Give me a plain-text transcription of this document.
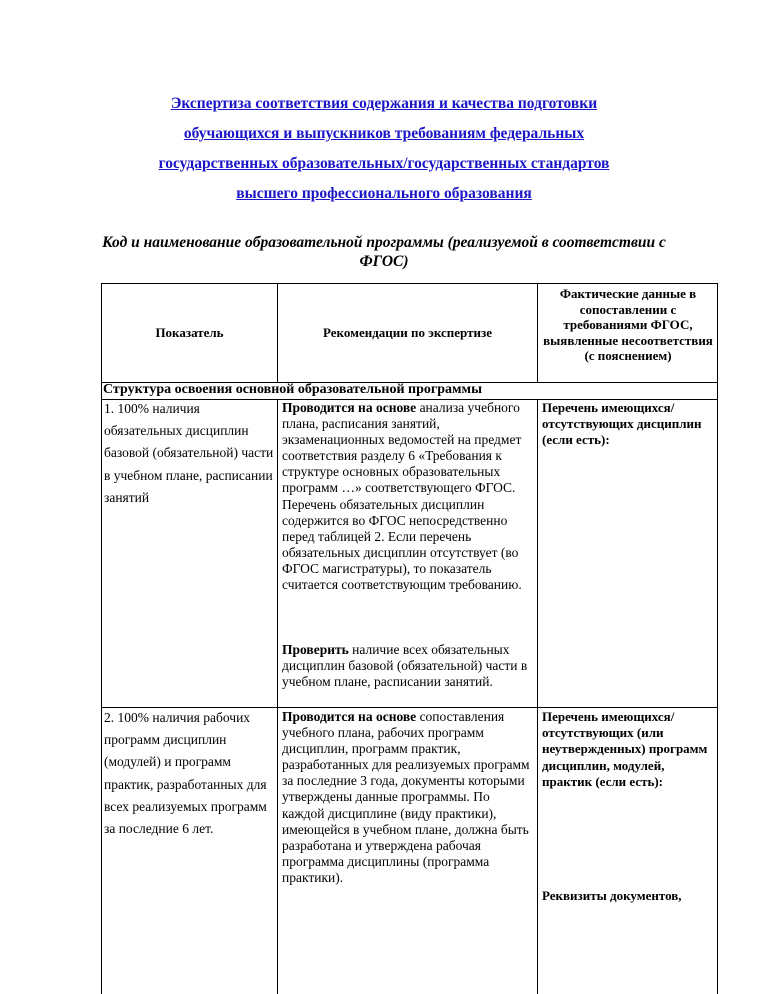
Экспертиза соответствия содержания и качества подготовки
обучающихся и выпускников требованиям федеральных
государственных образовательных/государственных стандартов
высшего профессионального образования
Код и наименование образовательной программы (реализуемой в соответствии с ФГОС)
Показатель	Рекомендации по экспертизе
Фактические данные в сопоставлении с требованиями ФГОС, выявленные несоответствия (с пояснением)
Структура освоения основной образовательной программы
1. 100% наличия обязательных дисциплин базовой (обязательной) части в учебном плане, расписании занятий
Проводится на основе анализа учебного плана, расписания занятий, экзаменационных ведомостей на предмет соответствия разделу 6 «Требования к структуре основных образовательных программ …» соответствующего ФГОС. Перечень обязательных дисциплин содержится во ФГОС непосредственно перед таблицей 2. Если перечень обязательных дисциплин отсутствует (во ФГОС магистратуры), то показатель считается соответствующим требованию.
Проверить наличие всех обязательных дисциплин базовой (обязательной) части в учебном плане, расписании занятий.
Перечень имеющихся/отсутствующих дисциплин (если есть):
2. 100% наличия рабочих программ дисциплин (модулей) и программ практик, разработанных для всех реализуемых программ за последние 6 лет.
Проводится на основе сопоставления учебного плана, рабочих программ дисциплин, программ практик, разработанных для реализуемых программ за последние 3 года, документы которыми утверждены данные программы. По каждой дисциплине (виду практики), имеющейся в учебном плане, должна быть разработана и утверждена рабочая программа дисциплины (программа практики).
Перечень имеющихся/отсутствующих (или неутвержденных) программ дисциплин, модулей, практик (если есть):
Реквизиты документов,
